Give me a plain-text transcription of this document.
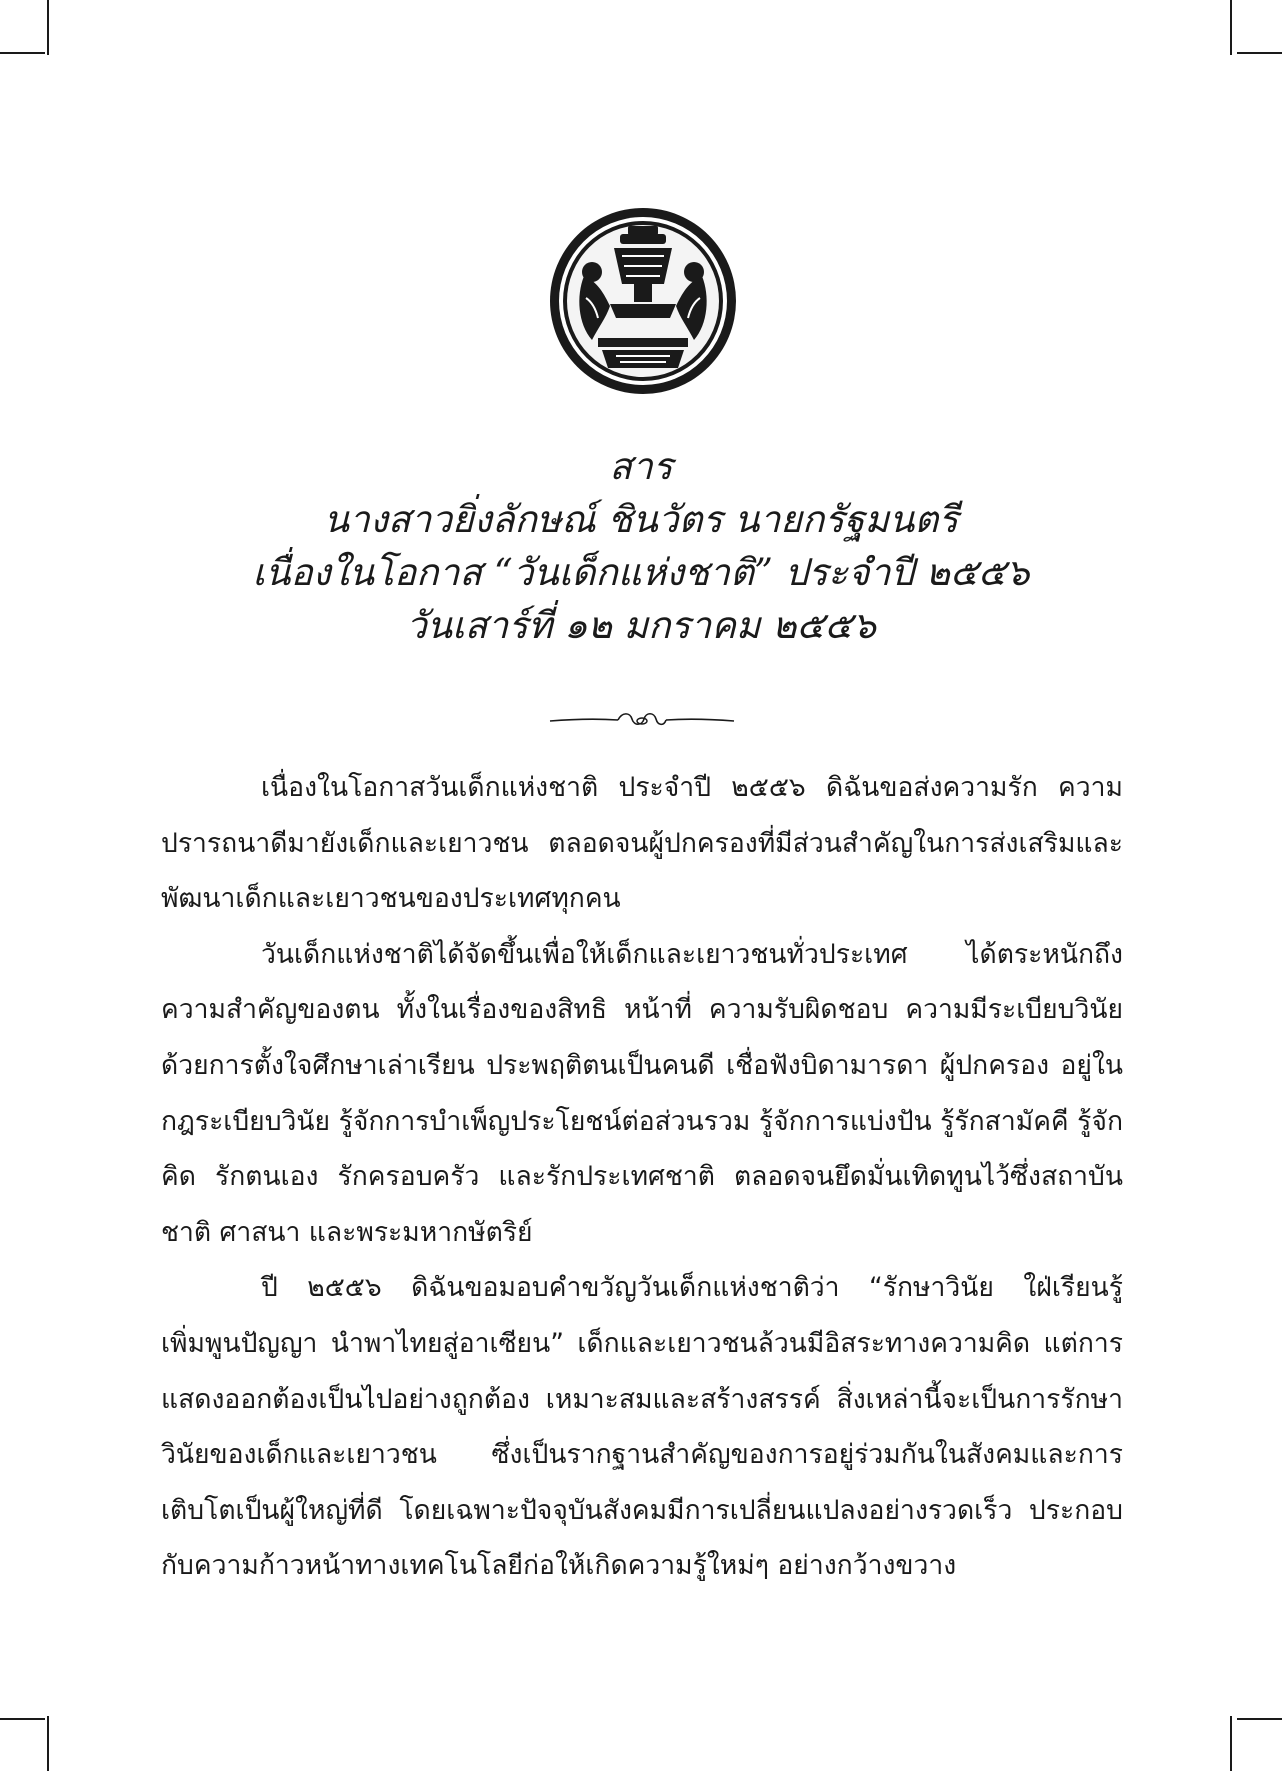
สาร
นางสาวยิ่งลักษณ์ ชินวัตร นายกรัฐมนตรี
เนื่องในโอกาส “วันเด็กแห่งชาติ” ประจำปี ๒๕๕๖
วันเสาร์ที่ ๑๒ มกราคม ๒๕๕๖

เนื่องในโอกาสวันเด็กแห่งชาติ ประจำปี ๒๕๕๖ ดิฉันขอส่งความรัก ความปรารถนาดีมายังเด็กและเยาวชน ตลอดจนผู้ปกครองที่มีส่วนสำคัญในการส่งเสริมและพัฒนาเด็กและเยาวชนของประเทศทุกคน

วันเด็กแห่งชาติได้จัดขึ้นเพื่อให้เด็กและเยาวชนทั่วประเทศ ได้ตระหนักถึงความสำคัญของตน ทั้งในเรื่องของสิทธิ หน้าที่ ความรับผิดชอบ ความมีระเบียบวินัย ด้วยการตั้งใจศึกษาเล่าเรียน ประพฤติตนเป็นคนดี เชื่อฟังบิดามารดา ผู้ปกครอง อยู่ในกฎระเบียบวินัย รู้จักการบำเพ็ญประโยชน์ต่อส่วนรวม รู้จักการแบ่งปัน รู้รักสามัคคี รู้จักคิด รักตนเอง รักครอบครัว และรักประเทศชาติ ตลอดจนยึดมั่นเทิดทูนไว้ซึ่งสถาบันชาติ ศาสนา และพระมหากษัตริย์

ปี ๒๕๕๖ ดิฉันขอมอบคำขวัญวันเด็กแห่งชาติว่า “รักษาวินัย ใฝ่เรียนรู้ เพิ่มพูนปัญญา นำพาไทยสู่อาเซียน” เด็กและเยาวชนล้วนมีอิสระทางความคิด แต่การแสดงออกต้องเป็นไปอย่างถูกต้อง เหมาะสมและสร้างสรรค์ สิ่งเหล่านี้จะเป็นการรักษาวินัยของเด็กและเยาวชน ซึ่งเป็นรากฐานสำคัญของการอยู่ร่วมกันในสังคมและการเติบโตเป็นผู้ใหญ่ที่ดี โดยเฉพาะปัจจุบันสังคมมีการเปลี่ยนแปลงอย่างรวดเร็ว ประกอบกับความก้าวหน้าทางเทคโนโลยีก่อให้เกิดความรู้ใหม่ๆ อย่างกว้างขวาง
